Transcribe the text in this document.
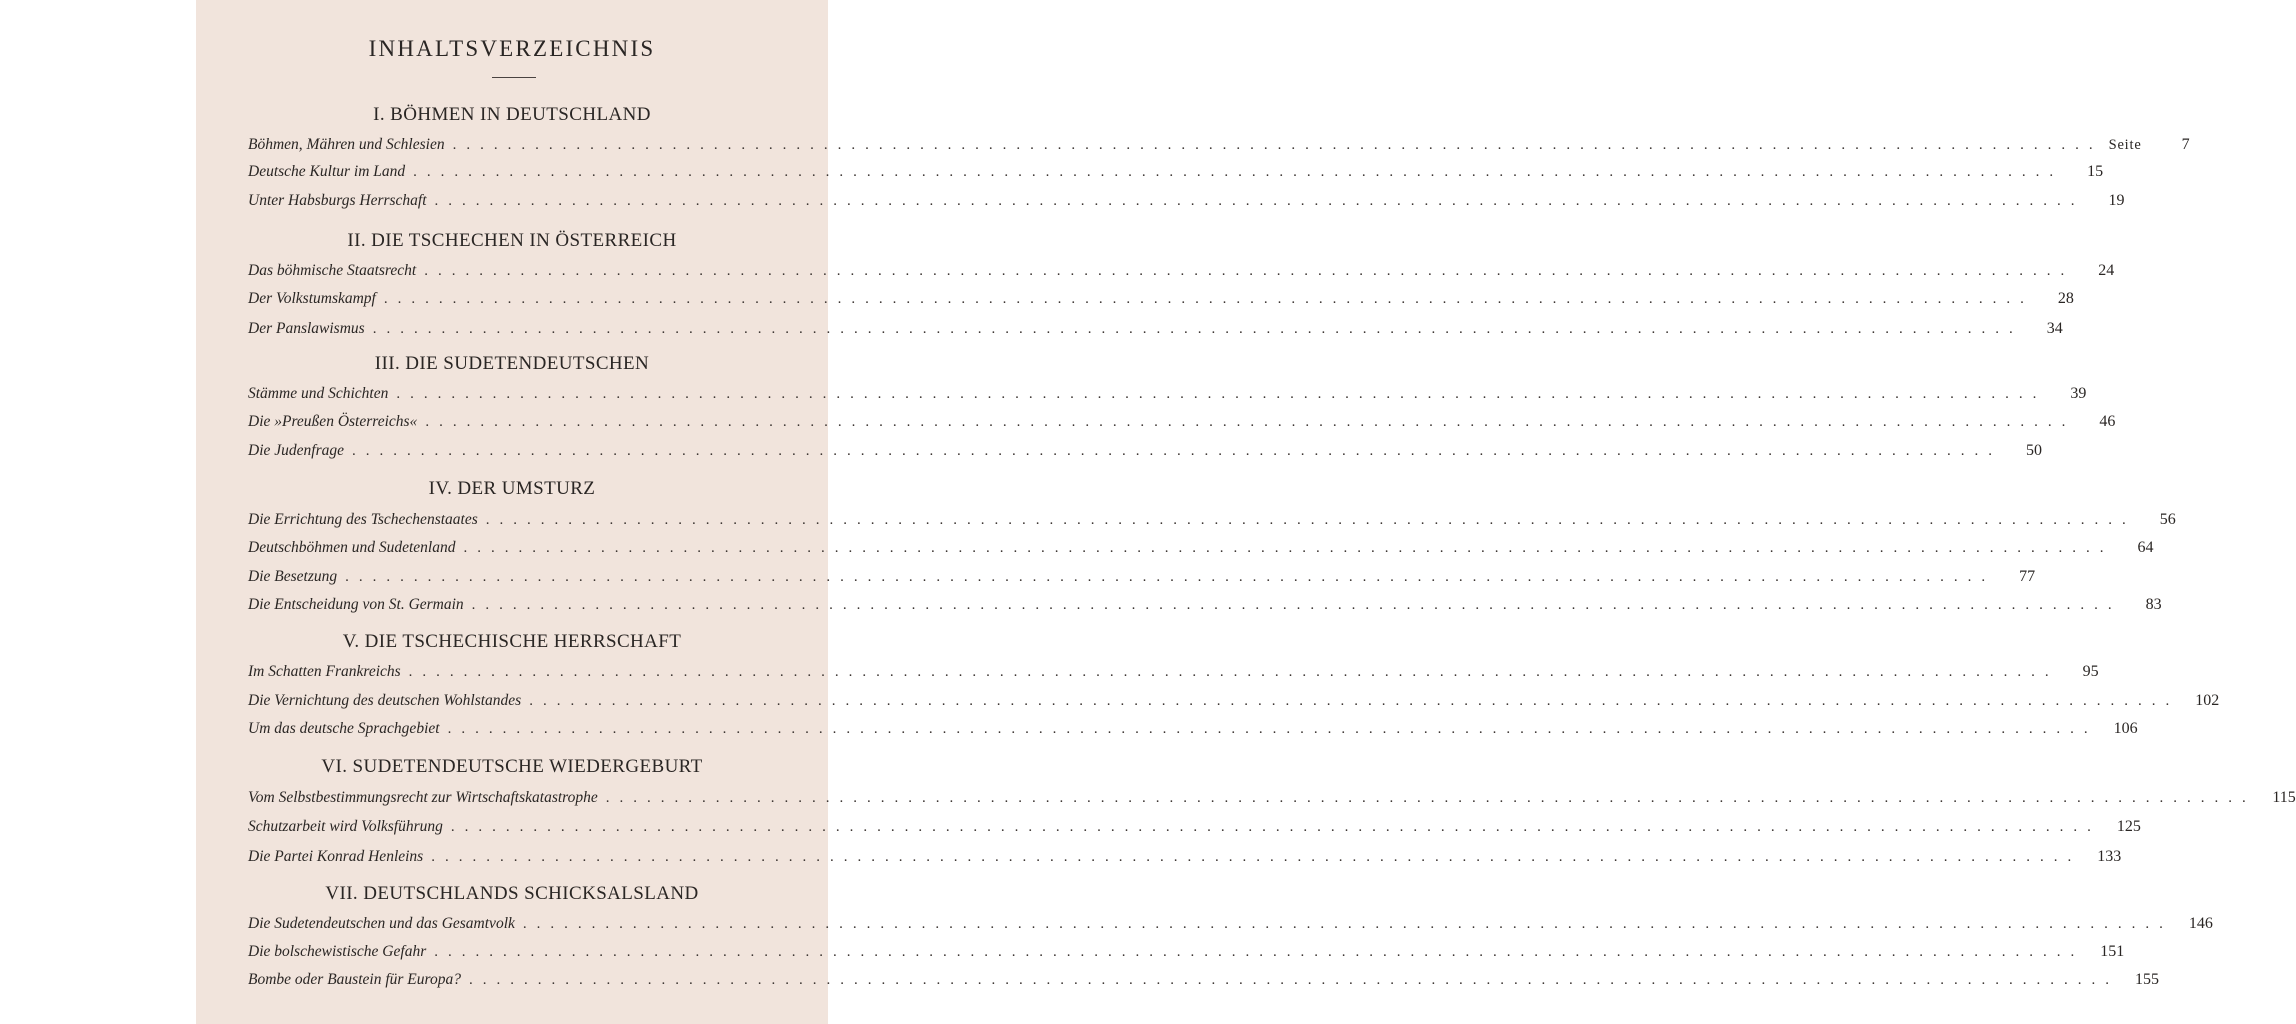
INHALTSVERZEICHNIS
I. BÖHMEN IN DEUTSCHLAND
Böhmen, Mähren und Schlesien ........................................................................................................................ Seite	7
Deutsche Kultur im Land ........................................................................................................................	15
Unter Habsburgs Herrschaft ........................................................................................................................	19
II. DIE TSCHECHEN IN ÖSTERREICH
Das böhmische Staatsrecht ........................................................................................................................	24
Der Volkstumskampf ........................................................................................................................	28
Der Panslawismus ........................................................................................................................	34
III. DIE SUDETENDEUTSCHEN
Stämme und Schichten ........................................................................................................................	39
Die »Preußen Österreichs« ........................................................................................................................	46
Die Judenfrage ........................................................................................................................	50
IV. DER UMSTURZ
Die Errichtung des Tschechenstaates ........................................................................................................................	56
Deutschböhmen und Sudetenland ........................................................................................................................	64
Die Besetzung ........................................................................................................................	77
Die Entscheidung von St. Germain ........................................................................................................................	83
V. DIE TSCHECHISCHE HERRSCHAFT
Im Schatten Frankreichs ........................................................................................................................	95
Die Vernichtung des deutschen Wohlstandes ........................................................................................................................	102
Um das deutsche Sprachgebiet ........................................................................................................................	106
VI. SUDETENDEUTSCHE WIEDERGEBURT
Vom Selbstbestimmungsrecht zur Wirtschaftskatastrophe ........................................................................................................................	115
Schutzarbeit wird Volksführung ........................................................................................................................	125
Die Partei Konrad Henleins ........................................................................................................................	133
VII. DEUTSCHLANDS SCHICKSALSLAND
Die Sudetendeutschen und das Gesamtvolk ........................................................................................................................	146
Die bolschewistische Gefahr ........................................................................................................................	151
Bombe oder Baustein für Europa? ........................................................................................................................	155
